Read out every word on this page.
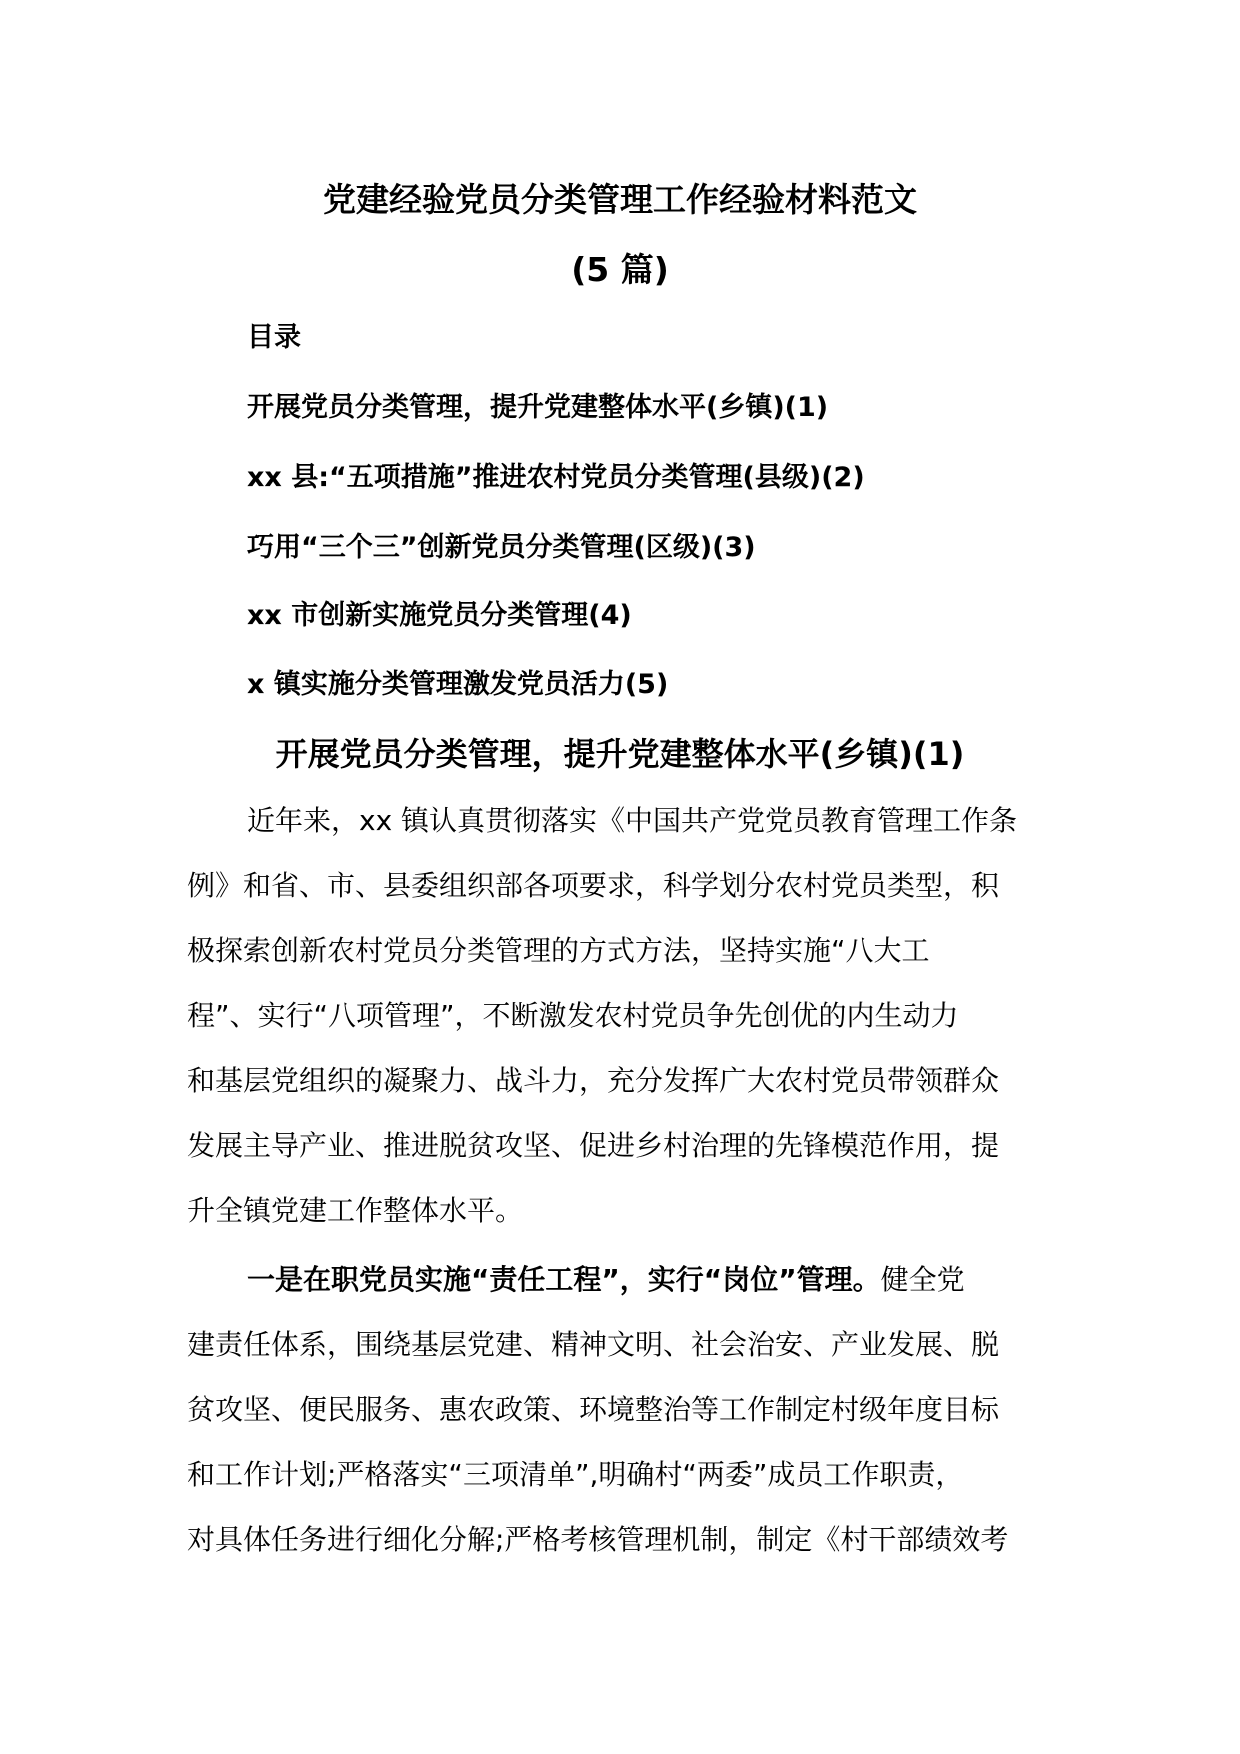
党建经验党员分类管理工作经验材料范文
(5 篇)
目录
开展党员分类管理，提升党建整体水平(乡镇)(1)
xx 县:“五项措施”推进农村党员分类管理(县级)(2)
巧用“三个三”创新党员分类管理(区级)(3)
xx 市创新实施党员分类管理(4)
x 镇实施分类管理激发党员活力(5)
开展党员分类管理，提升党建整体水平(乡镇)(1)
近年来，xx 镇认真贯彻落实《中国共产党党员教育管理工作条
例》和省、市、县委组织部各项要求，科学划分农村党员类型，积
极探索创新农村党员分类管理的方式方法，坚持实施“八大工
程”、实行“八项管理”，不断激发农村党员争先创优的内生动力
和基层党组织的凝聚力、战斗力，充分发挥广大农村党员带领群众
发展主导产业、推进脱贫攻坚、促进乡村治理的先锋模范作用，提
升全镇党建工作整体水平。
一是在职党员实施“责任工程”，实行“岗位”管理。健全党
建责任体系，围绕基层党建、精神文明、社会治安、产业发展、脱
贫攻坚、便民服务、惠农政策、环境整治等工作制定村级年度目标
和工作计划;严格落实“三项清单”,明确村“两委”成员工作职责，
对具体任务进行细化分解;严格考核管理机制，制定《村干部绩效考
